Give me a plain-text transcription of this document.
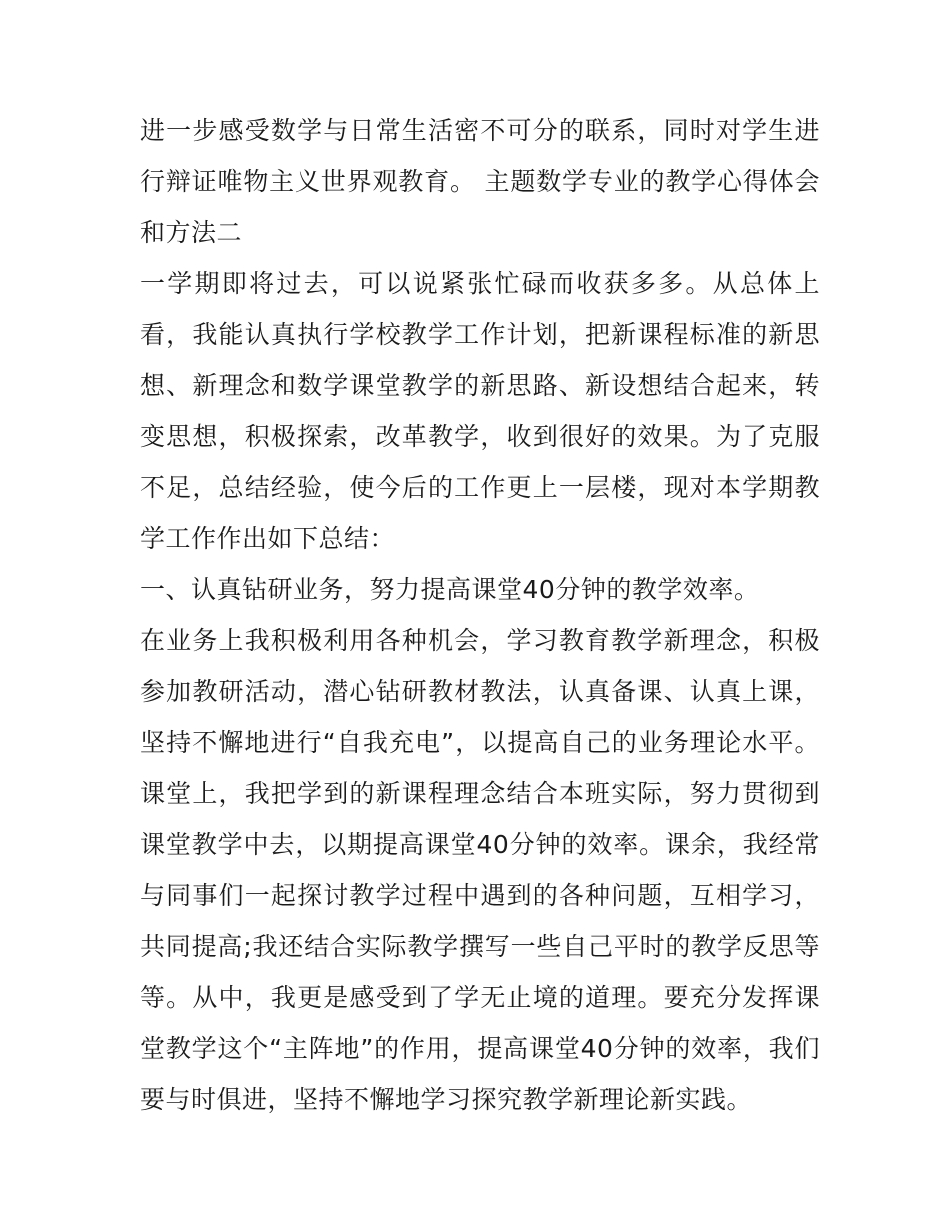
进一步感受数学与日常生活密不可分的联系，同时对学生进行辩证唯物主义世界观教育。 主题数学专业的教学心得体会和方法二

一学期即将过去，可以说紧张忙碌而收获多多。从总体上看，我能认真执行学校教学工作计划，把新课程标准的新思想、新理念和数学课堂教学的新思路、新设想结合起来，转变思想，积极探索，改革教学，收到很好的效果。为了克服不足，总结经验，使今后的工作更上一层楼，现对本学期教学工作作出如下总结：

一、认真钻研业务，努力提高课堂40分钟的教学效率。

在业务上我积极利用各种机会，学习教育教学新理念，积极参加教研活动，潜心钻研教材教法，认真备课、认真上课，坚持不懈地进行“自我充电”，以提高自己的业务理论水平。课堂上，我把学到的新课程理念结合本班实际，努力贯彻到课堂教学中去，以期提高课堂40分钟的效率。课余，我经常与同事们一起探讨教学过程中遇到的各种问题，互相学习，共同提高;我还结合实际教学撰写一些自己平时的教学反思等等。从中，我更是感受到了学无止境的道理。要充分发挥课堂教学这个“主阵地”的作用，提高课堂40分钟的效率，我们要与时俱进，坚持不懈地学习探究教学新理论新实践。
